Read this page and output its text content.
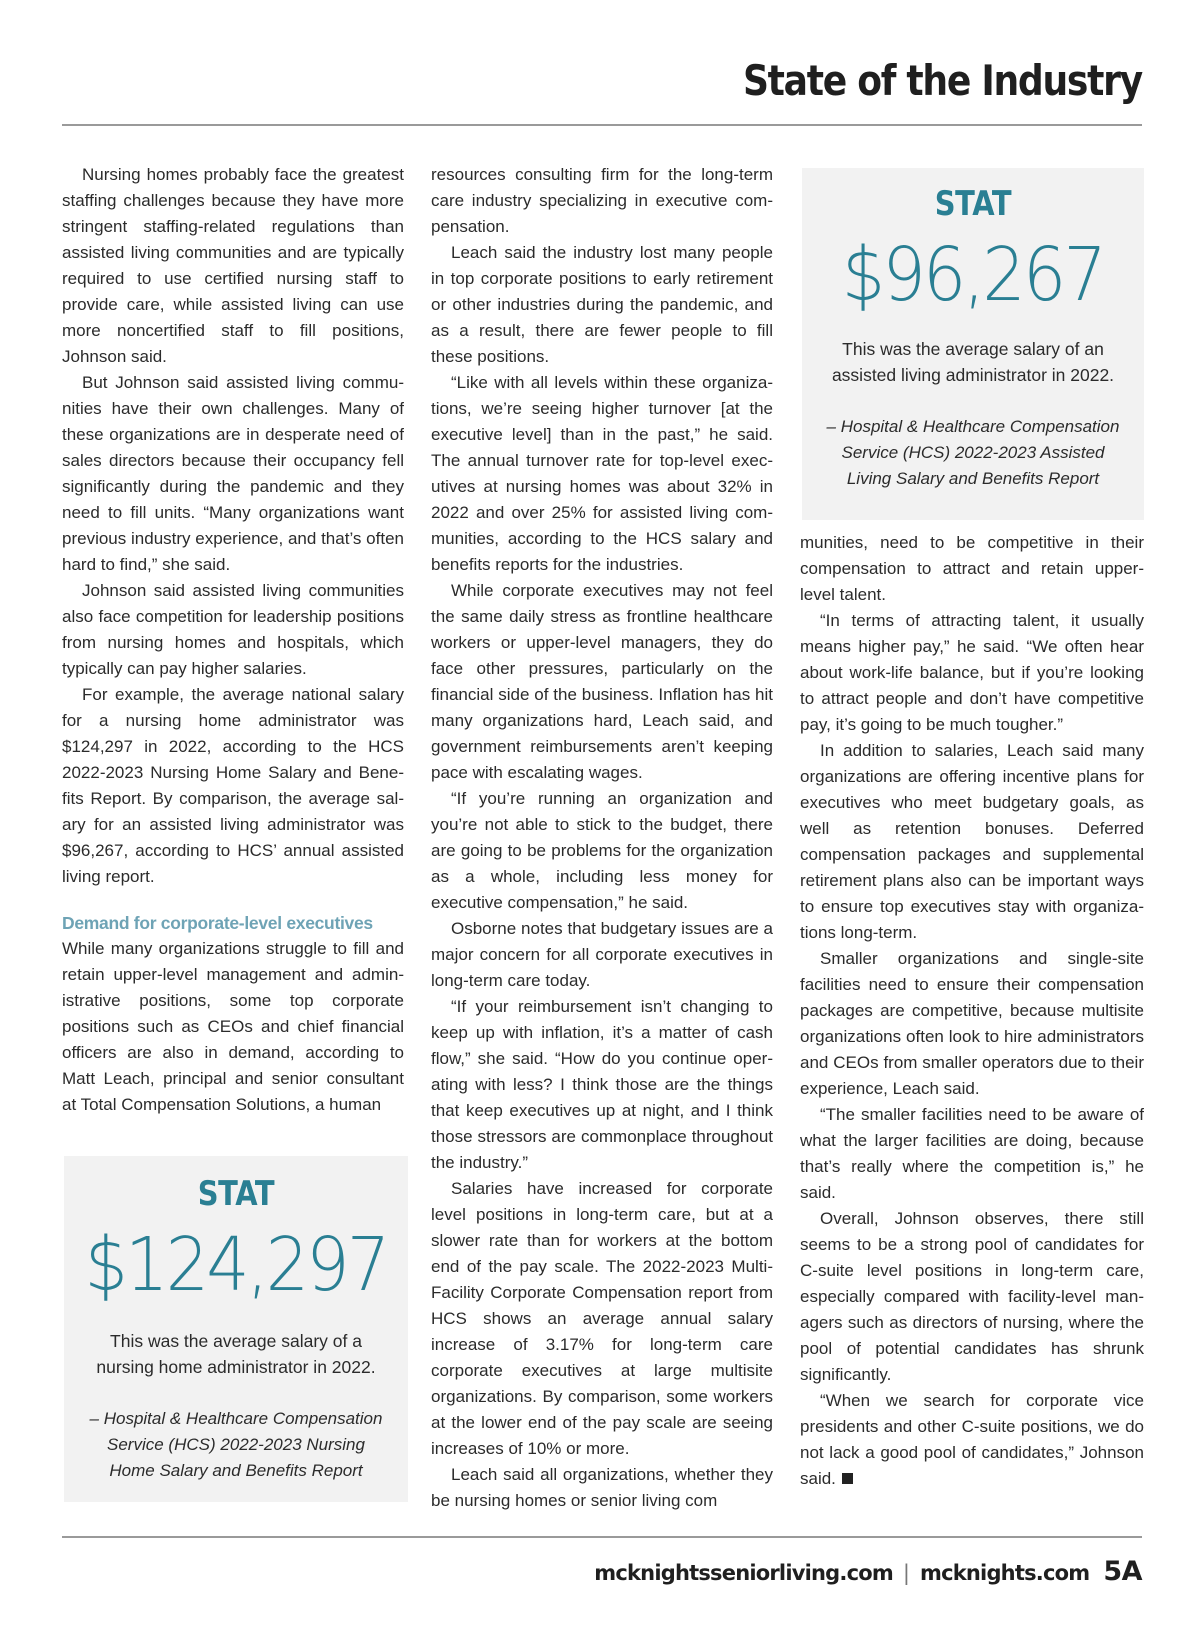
State of the Industry

Nursing homes probably face the greatest staffing challenges because they have more stringent staffing-related regulations than assisted living communities and are typically required to use certified nursing staff to provide care, while assisted living can use more noncertified staff to fill positions, Johnson said.

But Johnson said assisted living communities have their own challenges. Many of these organizations are in desperate need of sales directors because their occupancy fell significantly during the pandemic and they need to fill units. “Many organizations want previous industry experience, and that’s often hard to find,” she said.

Johnson said assisted living communities also face competition for leadership positions from nursing homes and hospitals, which typically can pay higher salaries.

For example, the average national salary for a nursing home administrator was $124,297 in 2022, according to the HCS 2022-2023 Nursing Home Salary and Benefits Report. By comparison, the average salary for an assisted living administrator was $96,267, according to HCS’ annual assisted living report.

Demand for corporate-level executives

While many organizations struggle to fill and retain upper-level management and administrative positions, some top corporate positions such as CEOs and chief financial officers are also in demand, according to Matt Leach, principal and senior consultant at Total Compensation Solutions, a human

STAT
$124,297
This was the average salary of a nursing home administrator in 2022.
– Hospital & Healthcare Compensation Service (HCS) 2022-2023 Nursing Home Salary and Benefits Report

resources consulting firm for the long-term care industry specializing in executive compensation.

Leach said the industry lost many people in top corporate positions to early retirement or other industries during the pandemic, and as a result, there are fewer people to fill these positions.

“Like with all levels within these organizations, we’re seeing higher turnover [at the executive level] than in the past,” he said. The annual turnover rate for top-level executives at nursing homes was about 32% in 2022 and over 25% for assisted living communities, according to the HCS salary and benefits reports for the industries.

While corporate executives may not feel the same daily stress as frontline healthcare workers or upper-level managers, they do face other pressures, particularly on the financial side of the business. Inflation has hit many organizations hard, Leach said, and government reimbursements aren’t keeping pace with escalating wages.

“If you’re running an organization and you’re not able to stick to the budget, there are going to be problems for the organization as a whole, including less money for executive compensation,” he said.

Osborne notes that budgetary issues are a major concern for all corporate executives in long-term care today.

“If your reimbursement isn’t changing to keep up with inflation, it’s a matter of cash flow,” she said. “How do you continue operating with less? I think those are the things that keep executives up at night, and I think those stressors are commonplace throughout the industry.”

Salaries have increased for corporate level positions in long-term care, but at a slower rate than for workers at the bottom end of the pay scale. The 2022-2023 Multi-Facility Corporate Compensation report from HCS shows an average annual salary increase of 3.17% for long-term care corporate executives at large multisite organizations. By comparison, some workers at the lower end of the pay scale are seeing increases of 10% or more.

Leach said all organizations, whether they be nursing homes or senior living com

STAT
$96,267
This was the average salary of an assisted living administrator in 2022.
– Hospital & Healthcare Compensation Service (HCS) 2022-2023 Assisted Living Salary and Benefits Report

munities, need to be competitive in their compensation to attract and retain upper-level talent.

“In terms of attracting talent, it usually means higher pay,” he said. “We often hear about work-life balance, but if you’re looking to attract people and don’t have competitive pay, it’s going to be much tougher.”

In addition to salaries, Leach said many organizations are offering incentive plans for executives who meet budgetary goals, as well as retention bonuses. Deferred compensation packages and supplemental retirement plans also can be important ways to ensure top executives stay with organizations long-term.

Smaller organizations and single-site facilities need to ensure their compensation packages are competitive, because multisite organizations often look to hire administrators and CEOs from smaller operators due to their experience, Leach said.

“The smaller facilities need to be aware of what the larger facilities are doing, because that’s really where the competition is,” he said.

Overall, Johnson observes, there still seems to be a strong pool of candidates for C-suite level positions in long-term care, especially compared with facility-level managers such as directors of nursing, where the pool of potential candidates has shrunk significantly.

“When we search for corporate vice presidents and other C-suite positions, we do not lack a good pool of candidates,” Johnson said.

mcknightsseniorliving.com | mcknights.com 5A
